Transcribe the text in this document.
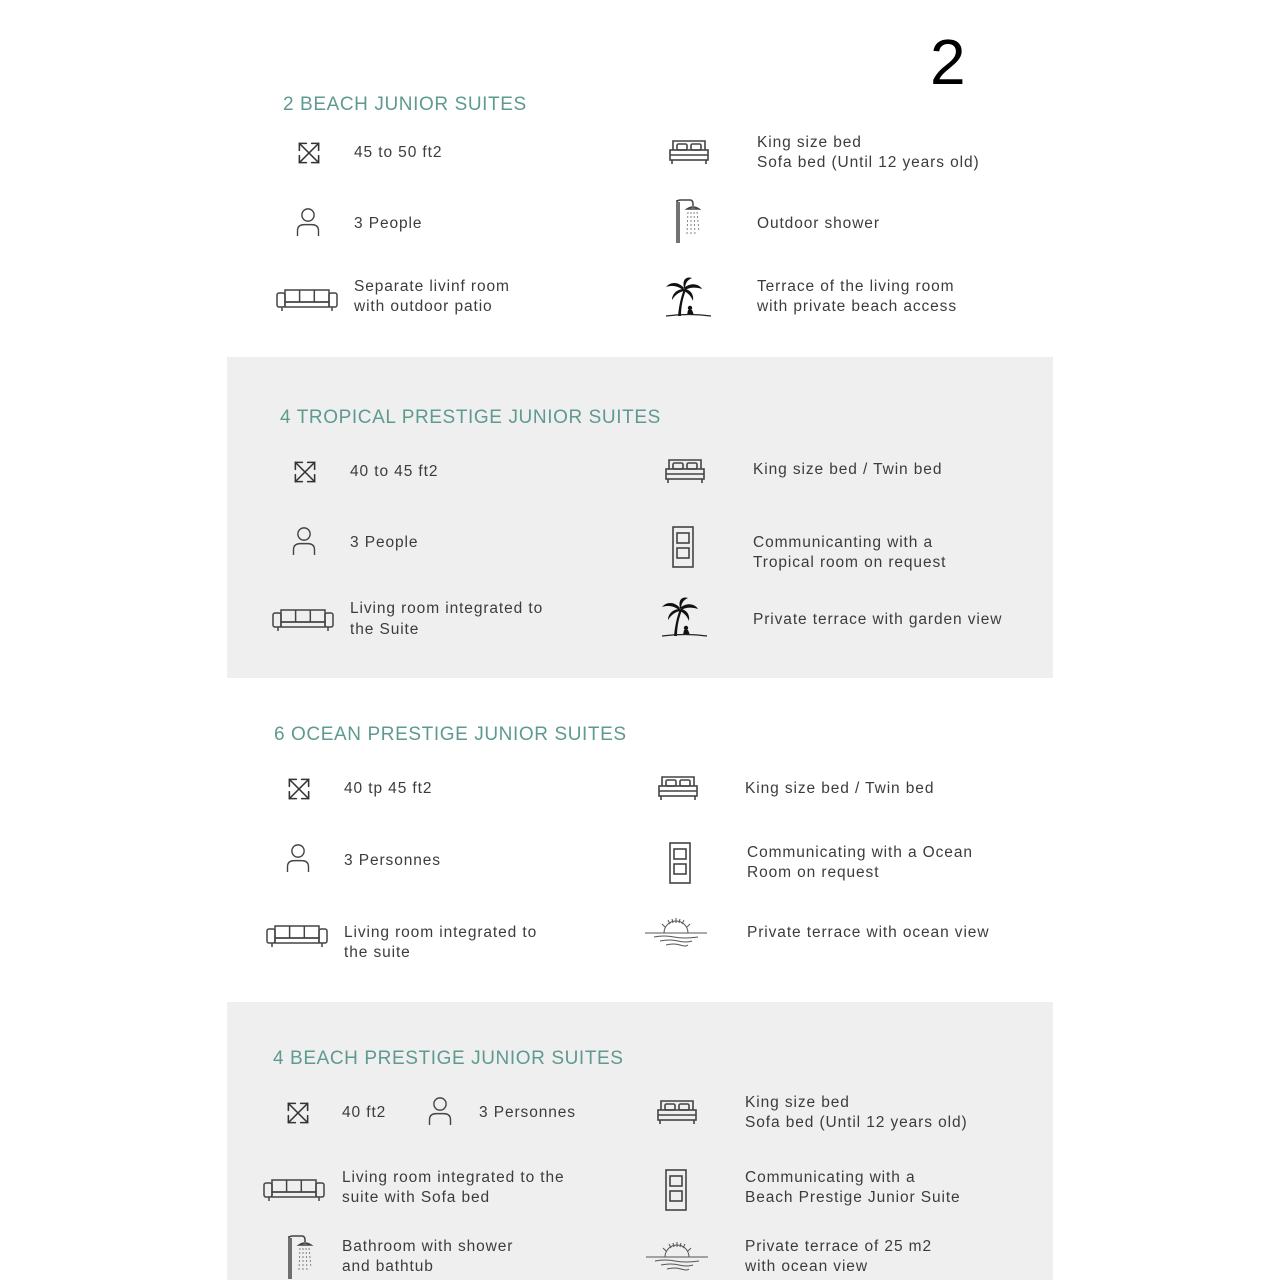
2
2 BEACH JUNIOR SUITES
45 to 50 ft2
3 People
Separate livinf room
with outdoor patio
King size bed
Sofa bed (Until 12 years old)
Outdoor shower
Terrace of the living room
with private beach access
4 TROPICAL PRESTIGE JUNIOR SUITES
40 to 45 ft2
3 People
Living room integrated to
the Suite
King size bed / Twin bed
Communicanting with a
Tropical room on request
Private terrace with garden view
6 OCEAN PRESTIGE JUNIOR SUITES
40 tp 45 ft2
3 Personnes
Living room integrated to
the suite
King size bed / Twin bed
Communicating with a Ocean
Room on request
Private terrace with ocean view
4 BEACH PRESTIGE JUNIOR SUITES
40 ft2	3 Personnes
Living room integrated to the
suite with Sofa bed
Bathroom with shower
and bathtub
King size bed
Sofa bed (Until 12 years old)
Communicating with a
Beach Prestige Junior Suite
Private terrace of 25 m2
with ocean view
